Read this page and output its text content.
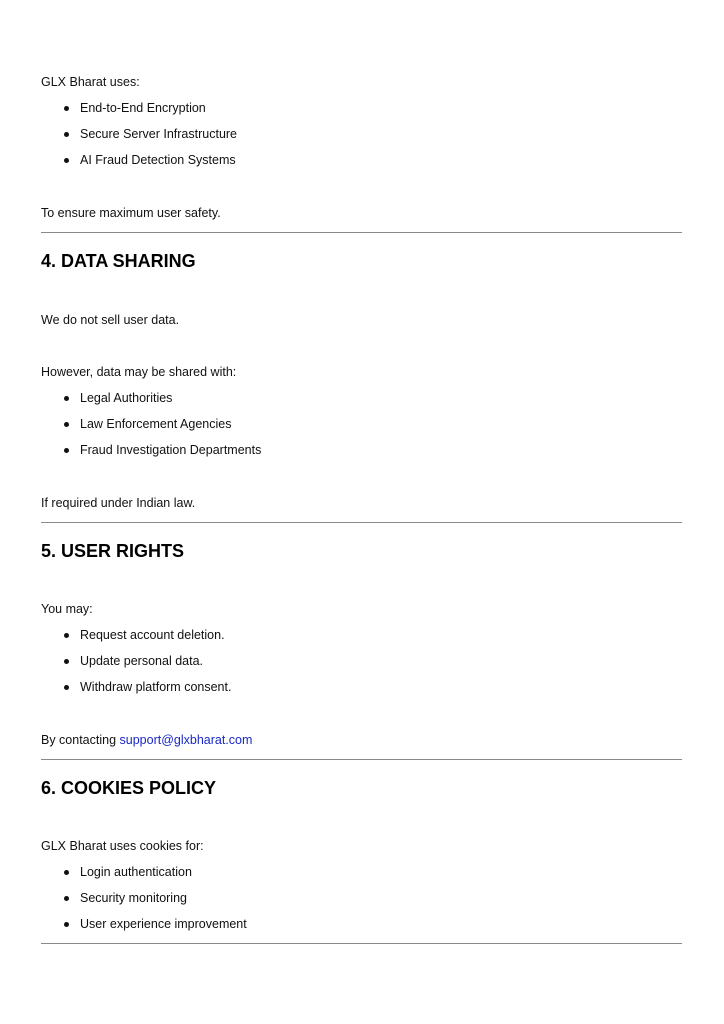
GLX Bharat uses:
End-to-End Encryption
Secure Server Infrastructure
AI Fraud Detection Systems
To ensure maximum user safety.
4. DATA SHARING
We do not sell user data.
However, data may be shared with:
Legal Authorities
Law Enforcement Agencies
Fraud Investigation Departments
If required under Indian law.
5. USER RIGHTS
You may:
Request account deletion.
Update personal data.
Withdraw platform consent.
By contacting support@glxbharat.com
6. COOKIES POLICY
GLX Bharat uses cookies for:
Login authentication
Security monitoring
User experience improvement
